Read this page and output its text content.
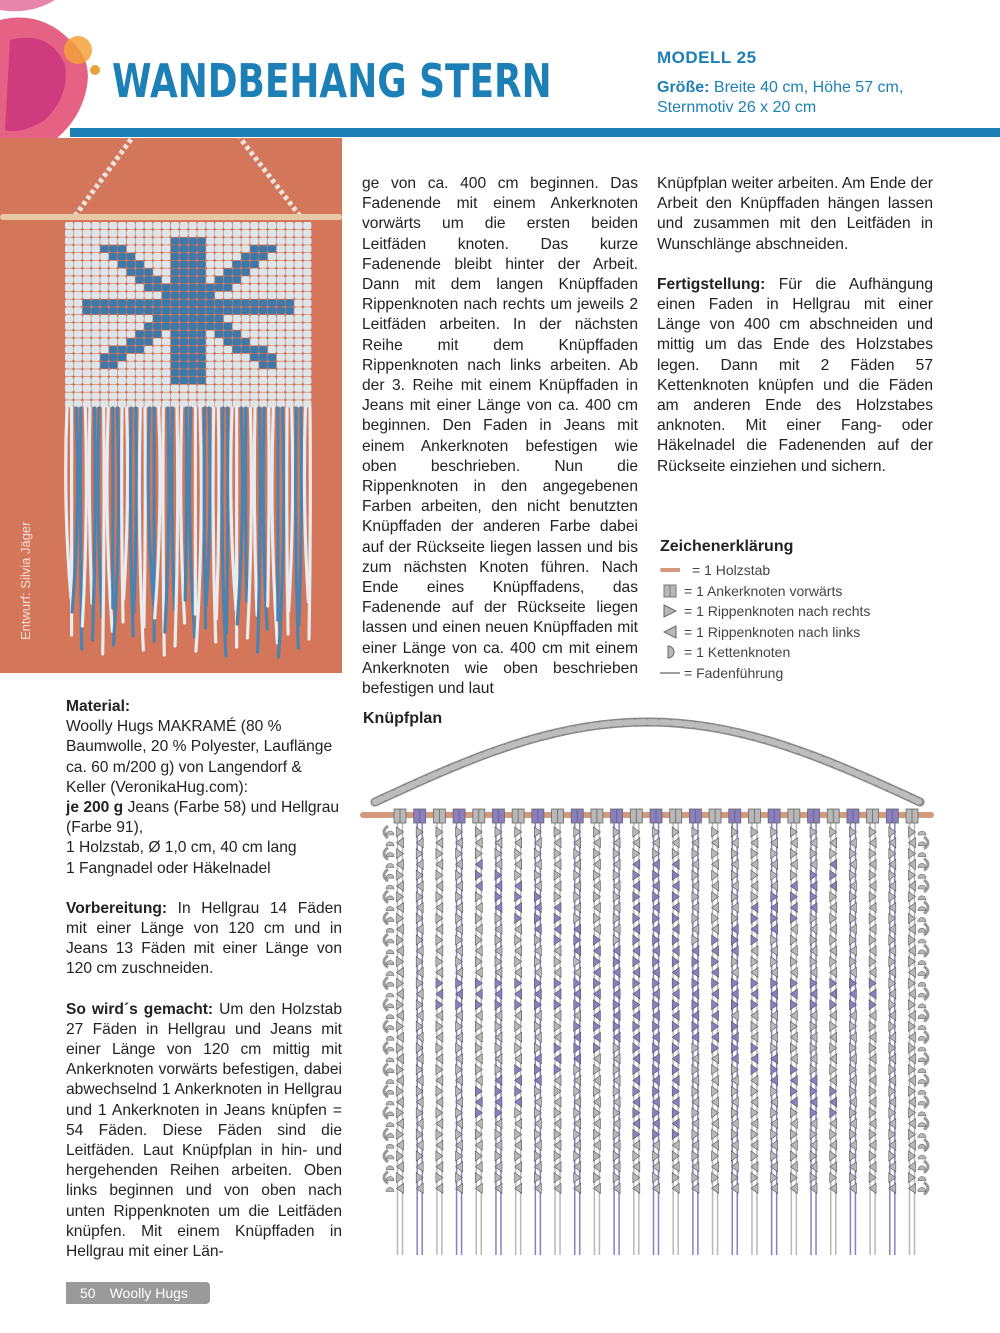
WANDBEHANG STERN	MODELL 25
Größe: Breite 40 cm, Höhe 57 cm, Sternmotiv 26 x 20 cm
Entwurf: Silvia Jäger

ge von ca. 400 cm beginnen. Das Fadenende mit einem Ankerknoten vorwärts um die ersten beiden Leitfäden knoten. Das kurze Fadenende bleibt hinter der Arbeit. Dann mit dem langen Knüpffaden Rippenknoten nach rechts um jeweils 2 Leitfäden arbeiten. In der nächsten Reihe mit dem Knüpffaden Rippenknoten nach links arbeiten. Ab der 3. Reihe mit einem Knüpffaden in Jeans mit einer Länge von ca. 400 cm beginnen. Den Faden in Jeans mit einem Ankerknoten befestigen wie oben beschrieben. Nun die Rippenknoten in den angegebenen Farben arbeiten, den nicht benutzten Knüpffaden der anderen Farbe dabei auf der Rückseite liegen lassen und bis zum nächsten Knoten führen. Nach Ende eines Knüpffadens, das Fadenende auf der Rückseite liegen lassen und einen neuen Knüpffaden mit einer Länge von ca. 400 cm mit einem Ankerknoten wie oben beschrieben befestigen und laut

Knüpfplan weiter arbeiten. Am Ende der Arbeit den Knüpffaden hängen lassen und zusammen mit den Leitfäden in Wunschlänge abschneiden.

Fertigstellung: Für die Aufhängung einen Faden in Hellgrau mit einer Länge von 400 cm abschneiden und mittig um das Ende des Holzstabes legen. Dann mit 2 Fäden 57 Kettenknoten knüpfen und die Fäden am anderen Ende des Holzstabes anknoten. Mit einer Fang- oder Häkelnadel die Fadenenden auf der Rückseite einziehen und sichern.

Zeichenerklärung
= 1 Holzstab
= 1 Ankerknoten vorwärts
= 1 Rippenknoten nach rechts
= 1 Rippenknoten nach links
= 1 Kettenknoten
= Fadenführung
Material:
Woolly Hugs MAKRAMÉ (80 % Baumwolle, 20 % Polyester, Lauflänge ca. 60 m/200 g) von Langendorf & Keller (VeronikaHug.com):
je 200 g Jeans (Farbe 58) und Hellgrau (Farbe 91),
1 Holzstab, Ø 1,0 cm, 40 cm lang
1 Fangnadel oder Häkelnadel

Vorbereitung: In Hellgrau 14 Fäden mit einer Länge von 120 cm und in Jeans 13 Fäden mit einer Länge von 120 cm zuschneiden.

So wird´s gemacht: Um den Holzstab 27 Fäden in Hellgrau und Jeans mit einer Länge von 120 cm mittig mit Ankerknoten vorwärts befestigen, dabei abwechselnd 1 Ankerknoten in Hellgrau und 1 Ankerknoten in Jeans knüpfen = 54 Fäden. Diese Fäden sind die Leitfäden. Laut Knüpfplan in hin- und hergehenden Reihen arbeiten. Oben links beginnen und von oben nach unten Rippenknoten um die Leitfäden knüpfen. Mit einem Knüpffaden in Hellgrau mit einer Län-

Knüpfplan
50 Woolly Hugs
